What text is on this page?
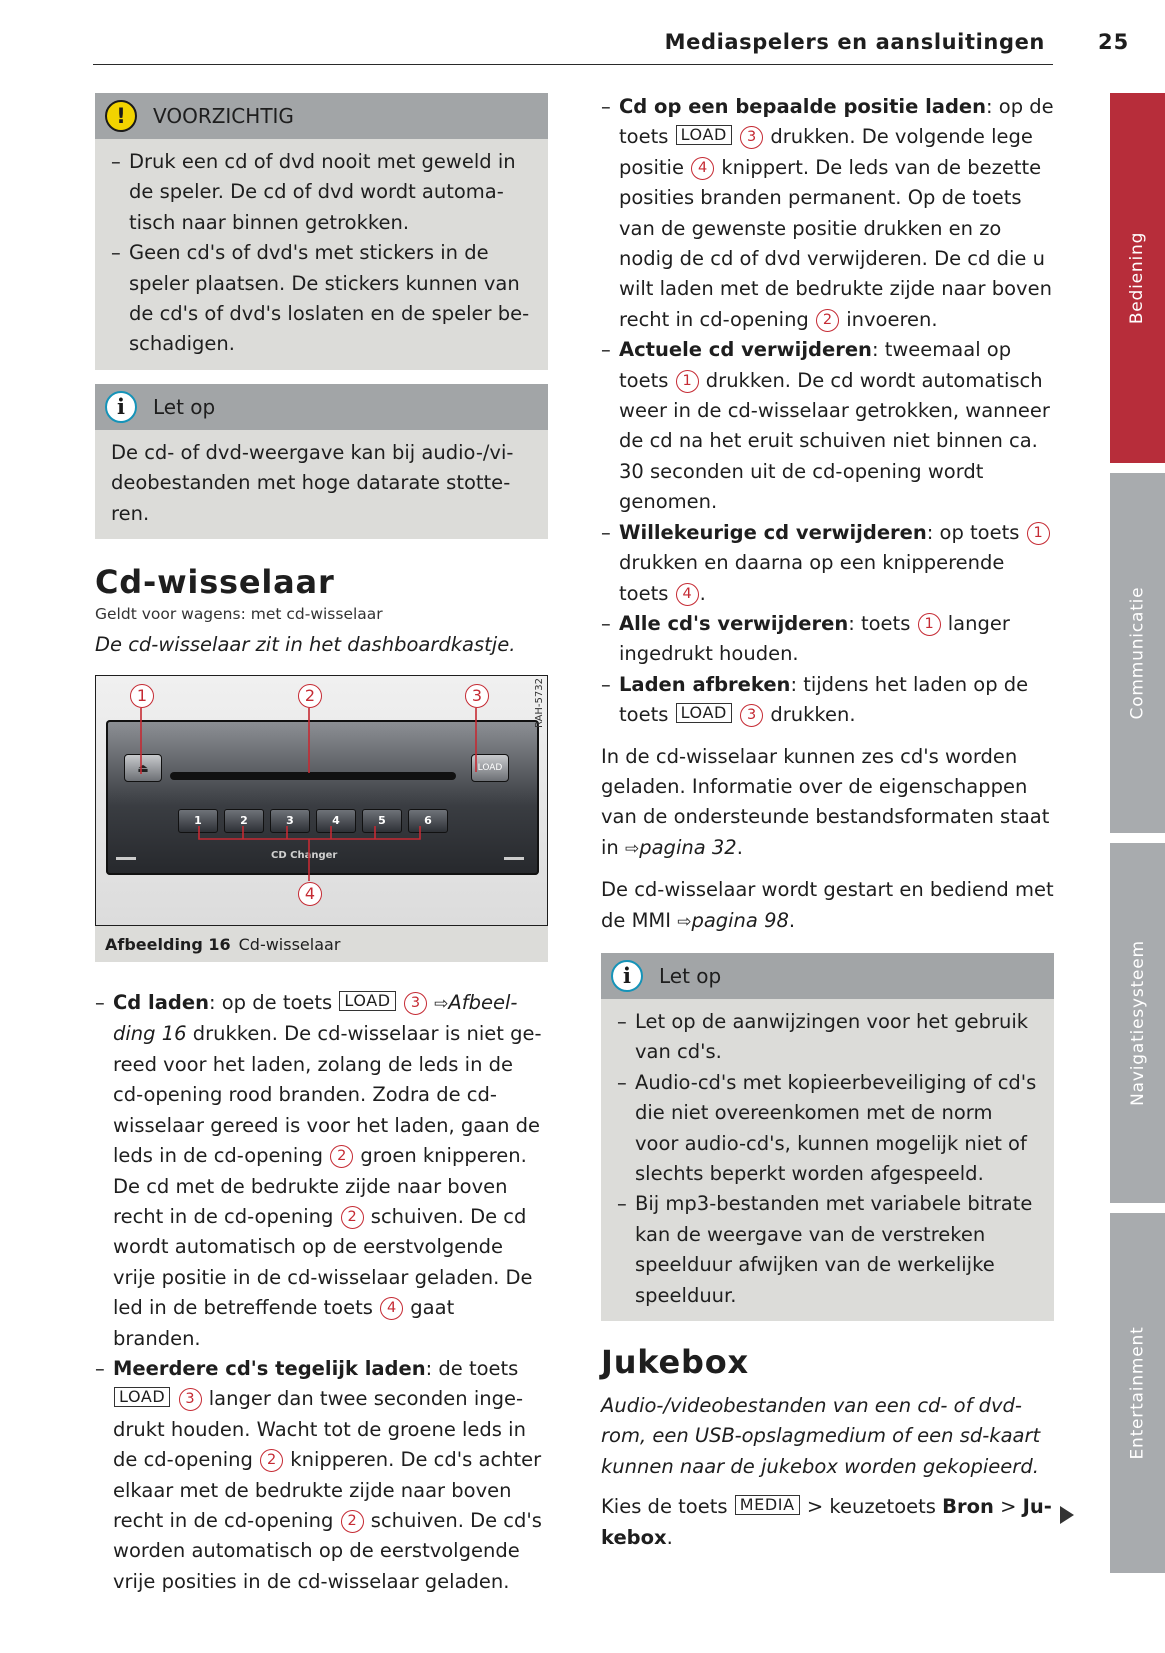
Mediaspelers en aansluitingen	25
!	VOORZICHTIG
– Druk een cd of dvd nooit met geweld in de speler. De cd of dvd wordt automatisch naar binnen getrokken.
– Geen cd's of dvd's met stickers in de speler plaatsen. De stickers kunnen van de cd's of dvd's loslaten en de speler beschadigen.
i	Let op

De cd- of dvd-weergave kan bij audio-/videobestanden met hoge datarate stotteren.

Cd-wisselaar
Geldt voor wagens: met cd-wisselaar

De cd-wisselaar zit in het dashboardkastje.

⏏	LOAD
1	2	3	4	5	6
CD Changer
1	2	3
4
RAH-5732
Afbeelding 16 Cd-wisselaar
– Cd laden: op de toets LOAD 3 ⇨Afbeelding 16 drukken. De cd-wisselaar is niet gereed voor het laden, zolang de leds in de cd-opening rood branden. Zodra de cd-wisselaar gereed is voor het laden, gaan de leds in de cd-opening 2 groen knipperen. De cd met de bedrukte zijde naar boven recht in de cd-opening 2 schuiven. De cd wordt automatisch op de eerstvolgende vrije positie in de cd-wisselaar geladen. De led in de betreffende toets 4 gaat branden.
– Meerdere cd's tegelijk laden: de toets LOAD 3 langer dan twee seconden ingedrukt houden. Wacht tot de groene leds in de cd-opening 2 knipperen. De cd's achter elkaar met de bedrukte zijde naar boven recht in de cd-opening 2 schuiven. De cd's worden automatisch op de eerstvolgende vrije posities in de cd-wisselaar geladen.
– Cd op een bepaalde positie laden: op de toets LOAD 3 drukken. De volgende lege positie 4 knippert. De leds van de bezette posities branden permanent. Op de toets van de gewenste positie drukken en zo nodig de cd of dvd verwijderen. De cd die u wilt laden met de bedrukte zijde naar boven recht in cd-opening 2 invoeren.
– Actuele cd verwijderen: tweemaal op toets 1 drukken. De cd wordt automatisch weer in de cd-wisselaar getrokken, wanneer de cd na het eruit schuiven niet binnen ca. 30 seconden uit de cd-opening wordt genomen.
– Willekeurige cd verwijderen: op toets 1 drukken en daarna op een knipperende toets 4 .
– Alle cd's verwijderen: toets 1 langer ingedrukt houden.
– Laden afbreken: tijdens het laden op de toets LOAD 3 drukken.

In de cd-wisselaar kunnen zes cd's worden geladen. Informatie over de eigenschappen van de ondersteunde bestandsformaten staat in ⇨pagina 32.

De cd-wisselaar wordt gestart en bediend met de MMI ⇨pagina 98.

i	Let op
– Let op de aanwijzingen voor het gebruik van cd's.
– Audio-cd's met kopieerbeveiliging of cd's die niet overeenkomen met de norm voor audio-cd's, kunnen mogelijk niet of slechts beperkt worden afgespeeld.
– Bij mp3-bestanden met variabele bitrate kan de weergave van de verstreken speelduur afwijken van de werkelijke speelduur.
Jukebox

Audio-/videobestanden van een cd- of dvd-rom, een USB-opslagmedium of een sd-kaart kunnen naar de jukebox worden gekopieerd.

Kies de toets MEDIA > keuzetoets Bron > Jukebox.

Bediening
Communicatie
Navigatiesysteem
Entertainment
